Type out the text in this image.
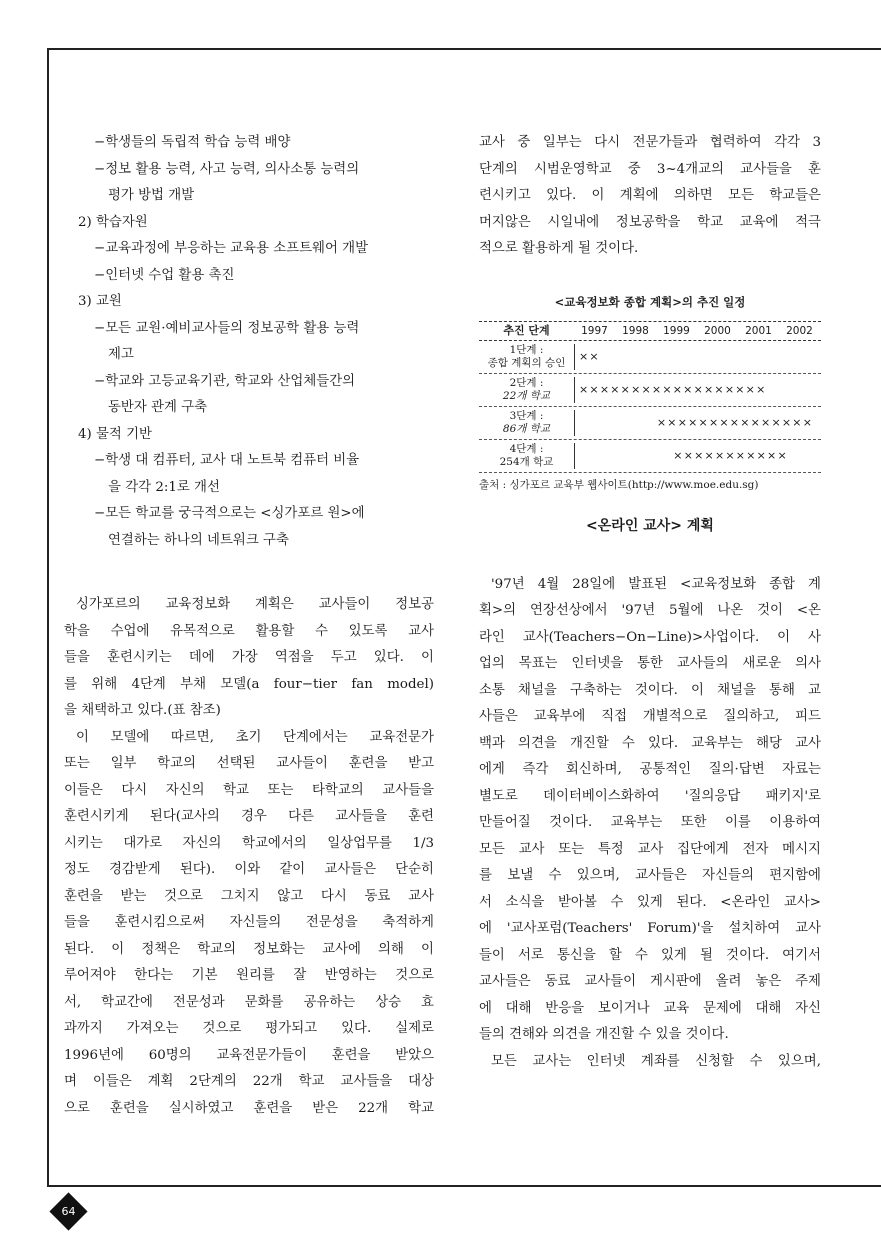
−학생들의 독립적 학습 능력 배양
−정보 활용 능력, 사고 능력, 의사소통 능력의
평가 방법 개발
2) 학습자원
−교육과정에 부응하는 교육용 소프트웨어 개발
−인터넷 수업 활용 촉진
3) 교원
−모든 교원·예비교사들의 정보공학 활용 능력
제고
−학교와 고등교육기관, 학교와 산업체들간의
동반자 관계 구축
4) 물적 기반
−학생 대 컴퓨터, 교사 대 노트북 컴퓨터 비율
을 각각 2:1로 개선
−모든 학교를 궁극적으로는 <싱가포르 원>에
연결하는 하나의 네트워크 구축
싱가포르의 교육정보화 계획은 교사들이 정보공
학을 수업에 유목적으로 활용할 수 있도록 교사
들을 훈련시키는 데에 가장 역점을 두고 있다. 이
를 위해 4단계 부채 모델(a four−tier fan model)
을 채택하고 있다.(표 참조)
이 모델에 따르면, 초기 단계에서는 교육전문가
또는 일부 학교의 선택된 교사들이 훈련을 받고
이들은 다시 자신의 학교 또는 타학교의 교사들을
훈련시키게 된다(교사의 경우 다른 교사들을 훈련
시키는 대가로 자신의 학교에서의 일상업무를 1/3
정도 경감받게 된다). 이와 같이 교사들은 단순히
훈련을 받는 것으로 그치지 않고 다시 동료 교사
들을 훈련시킴으로써 자신들의 전문성을 축적하게
된다. 이 정책은 학교의 정보화는 교사에 의해 이
루어져야 한다는 기본 원리를 잘 반영하는 것으로
서, 학교간에 전문성과 문화를 공유하는 상승 효
과까지 가져오는 것으로 평가되고 있다. 실제로
1996년에 60명의 교육전문가들이 훈련을 받았으
며 이들은 계획 2단계의 22개 학교 교사들을 대상
으로 훈련을 실시하였고 훈련을 받은 22개 학교
교사 중 일부는 다시 전문가들과 협력하여 각각 3
단계의 시범운영학교 중 3~4개교의 교사들을 훈
련시키고 있다. 이 계획에 의하면 모든 학교들은
머지않은 시일내에 정보공학을 학교 교육에 적극
적으로 활용하게 될 것이다.
<교육정보화 종합 계획>의 추진 일정
추진 단계	1997	1998	1999	2000	2001	2002
1단계 :
종합 계획의 승인	××
2단계 :
22개 학교	××××××××××××××××××
3단계 :
86개 학교	×××××××××××××××
4단계 :
254개 학교	×××××××××××
출처 : 싱가포르 교육부 웹사이트(http://www.moe.edu.sg)
<온라인 교사> 계획
'97년 4월 28일에 발표된 <교육정보화 종합 계
획>의 연장선상에서 '97년 5월에 나온 것이 <온
라인 교사(Teachers−On−Line)>사업이다. 이 사
업의 목표는 인터넷을 통한 교사들의 새로운 의사
소통 채널을 구축하는 것이다. 이 채널을 통해 교
사들은 교육부에 직접 개별적으로 질의하고, 피드
백과 의견을 개진할 수 있다. 교육부는 해당 교사
에게 즉각 회신하며, 공통적인 질의·답변 자료는
별도로 데이터베이스화하여 '질의응답 패키지'로
만들어질 것이다. 교육부는 또한 이를 이용하여
모든 교사 또는 특정 교사 집단에게 전자 메시지
를 보낼 수 있으며, 교사들은 자신들의 편지함에
서 소식을 받아볼 수 있게 된다. <온라인 교사>
에 '교사포럼(Teachers' Forum)'을 설치하여 교사
들이 서로 통신을 할 수 있게 될 것이다. 여기서
교사들은 동료 교사들이 게시판에 올려 놓은 주제
에 대해 반응을 보이거나 교육 문제에 대해 자신
들의 견해와 의견을 개진할 수 있을 것이다.
모든 교사는 인터넷 계좌를 신청할 수 있으며,
64
